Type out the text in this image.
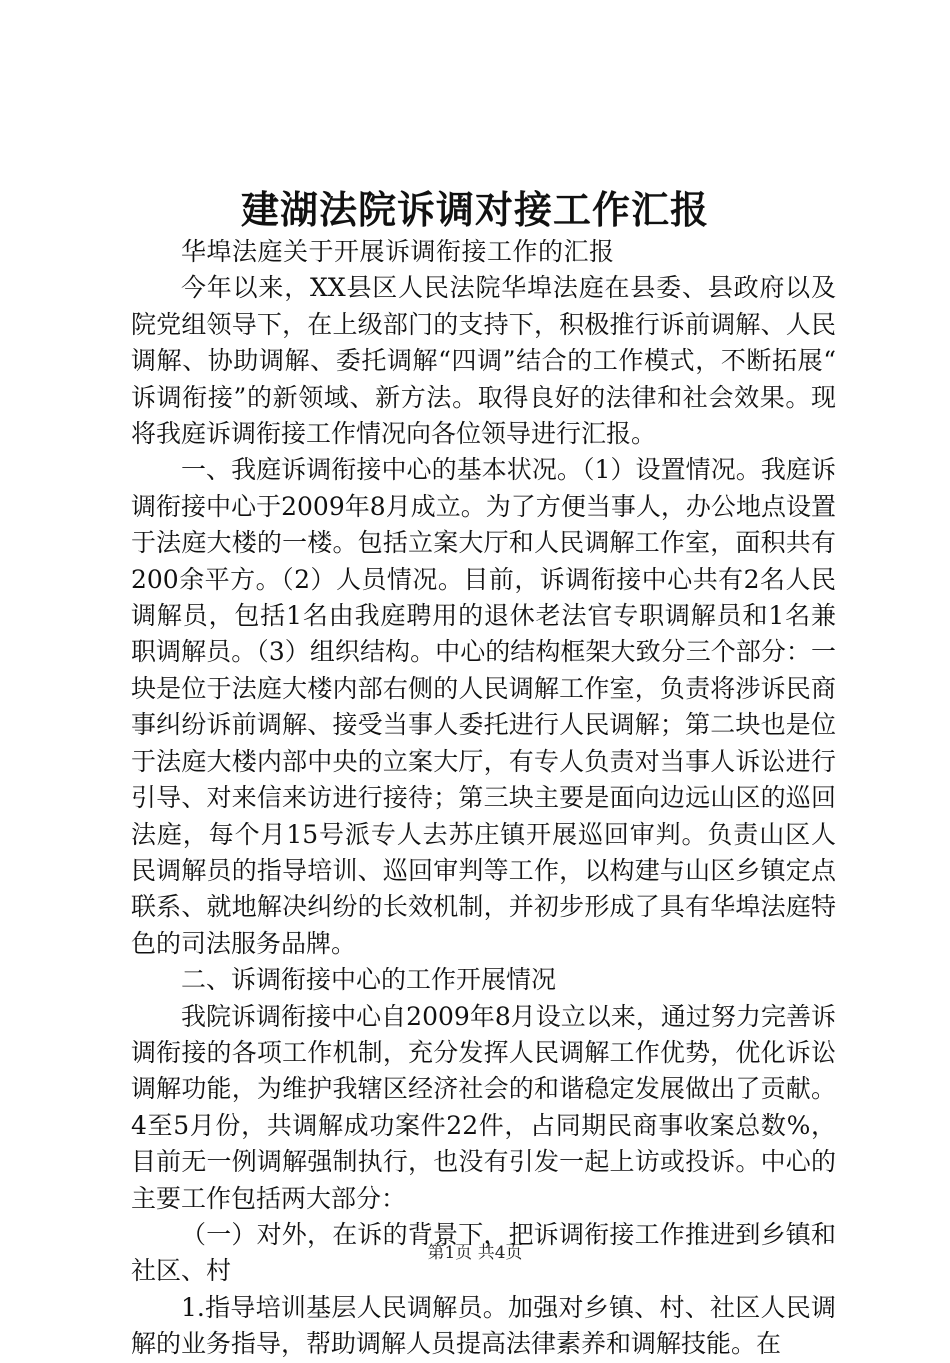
建湖法院诉调对接工作汇报

华埠法庭关于开展诉调衔接工作的汇报

今年以来，XX县区人民法院华埠法庭在县委、县政府以及院党组领导下，在上级部门的支持下，积极推行诉前调解、人民调解、协助调解、委托调解“四调”结合的工作模式，不断拓展“诉调衔接”的新领域、新方法。取得良好的法律和社会效果。现将我庭诉调衔接工作情况向各位领导进行汇报。

一、我庭诉调衔接中心的基本状况。（1）设置情况。我庭诉调衔接中心于2009年8月成立。为了方便当事人，办公地点设置于法庭大楼的一楼。包括立案大厅和人民调解工作室，面积共有200余平方。（2）人员情况。目前，诉调衔接中心共有2名人民调解员，包括1名由我庭聘用的退休老法官专职调解员和1名兼职调解员。（3）组织结构。中心的结构框架大致分三个部分：一块是位于法庭大楼内部右侧的人民调解工作室，负责将涉诉民商事纠纷诉前调解、接受当事人委托进行人民调解；第二块也是位于法庭大楼内部中央的立案大厅，有专人负责对当事人诉讼进行引导、对来信来访进行接待；第三块主要是面向边远山区的巡回法庭，每个月15号派专人去苏庄镇开展巡回审判。负责山区人民调解员的指导培训、巡回审判等工作，以构建与山区乡镇定点联系、就地解决纠纷的长效机制，并初步形成了具有华埠法庭特色的司法服务品牌。

二、诉调衔接中心的工作开展情况

我院诉调衔接中心自2009年8月设立以来，通过努力完善诉调衔接的各项工作机制，充分发挥人民调解工作优势，优化诉讼调解功能，为维护我辖区经济社会的和谐稳定发展做出了贡献。4至5月份，共调解成功案件22件，占同期民商事收案总数%，目前无一例调解强制执行，也没有引发一起上访或投诉。中心的主要工作包括两大部分：

（一）对外，在诉的背景下，把诉调衔接工作推进到乡镇和社区、村

1.指导培训基层人民调解员。加强对乡镇、村、社区人民调解的业务指导，帮助调解人员提高法律素养和调解技能。在

第1页 共4页
